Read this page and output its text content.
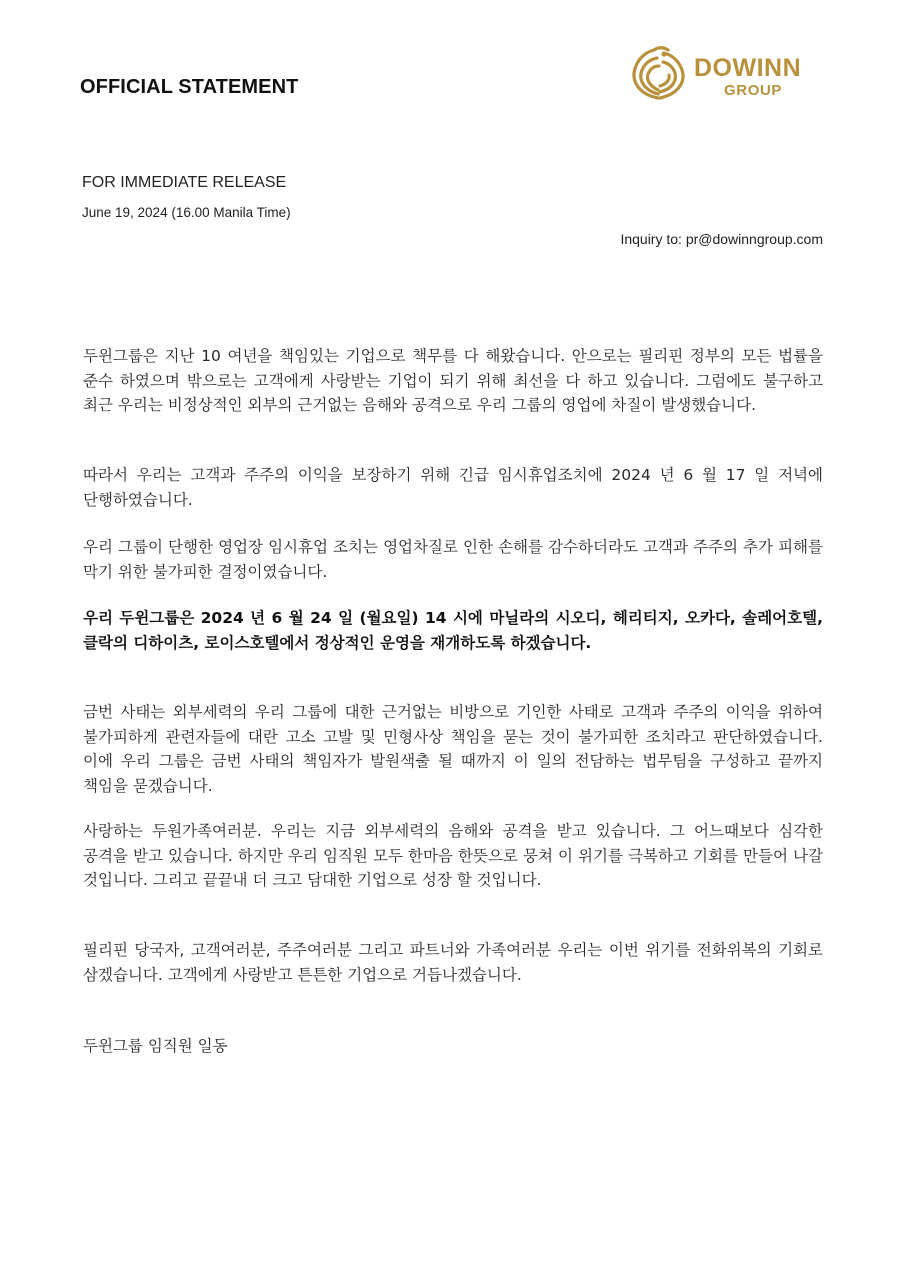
OFFICIAL STATEMENT
DOWINN
GROUP
FOR IMMEDIATE RELEASE
June 19, 2024 (16.00 Manila Time)
Inquiry to: pr@dowinngroup.com
두윈그룹은 지난 10 여년을 책임있는 기업으로 책무를 다 해왔습니다. 안으로는 필리핀 정부의 모든 법률을 준수 하였으며 밖으로는 고객에게 사랑받는 기업이 되기 위해 최선을 다 하고 있습니다. 그럼에도 불구하고 최근 우리는 비정상적인 외부의 근거없는 음해와 공격으로 우리 그룹의 영업에 차질이 발생했습니다.
따라서 우리는 고객과 주주의 이익을 보장하기 위해 긴급 임시휴업조치에 2024 년 6 월 17 일 저녁에 단행하였습니다.
우리 그룹이 단행한 영업장 임시휴업 조치는 영업차질로 인한 손해를 감수하더라도 고객과 주주의 추가 피해를 막기 위한 불가피한 결정이였습니다.
우리 두윈그룹은 2024 년 6 월 24 일 (월요일) 14 시에 마닐라의 시오디, 헤리티지, 오카다, 솔레어호텔, 클락의 디하이츠, 로이스호텔에서 정상적인 운영을 재개하도록 하겠습니다.
금번 사태는 외부세력의 우리 그룹에 대한 근거없는 비방으로 기인한 사태로 고객과 주주의 이익을 위하여 불가피하게 관련자들에 대란 고소 고발 및 민형사상 책임을 묻는 것이 불가피한 조치라고 판단하였습니다. 이에 우리 그룹은 금번 사태의 책임자가 발원색출 될 때까지 이 일의 전담하는 법무팀을 구성하고 끝까지 책임을 묻겠습니다.
사랑하는 두원가족여러분. 우리는 지금 외부세력의 음해와 공격을 받고 있습니다. 그 어느때보다 심각한 공격을 받고 있습니다. 하지만 우리 임직원 모두 한마음 한뜻으로 뭉쳐 이 위기를 극복하고 기회를 만들어 나갈 것입니다. 그리고 끝끝내 더 크고 담대한 기업으로 성장 할 것입니다.
필리핀 당국자, 고객여러분, 주주여러분 그리고 파트너와 가족여러분 우리는 이번 위기를 전화위복의 기회로 삼겠습니다. 고객에게 사랑받고 튼튼한 기업으로 거듭나겠습니다.
두윈그룹 임직원 일동
